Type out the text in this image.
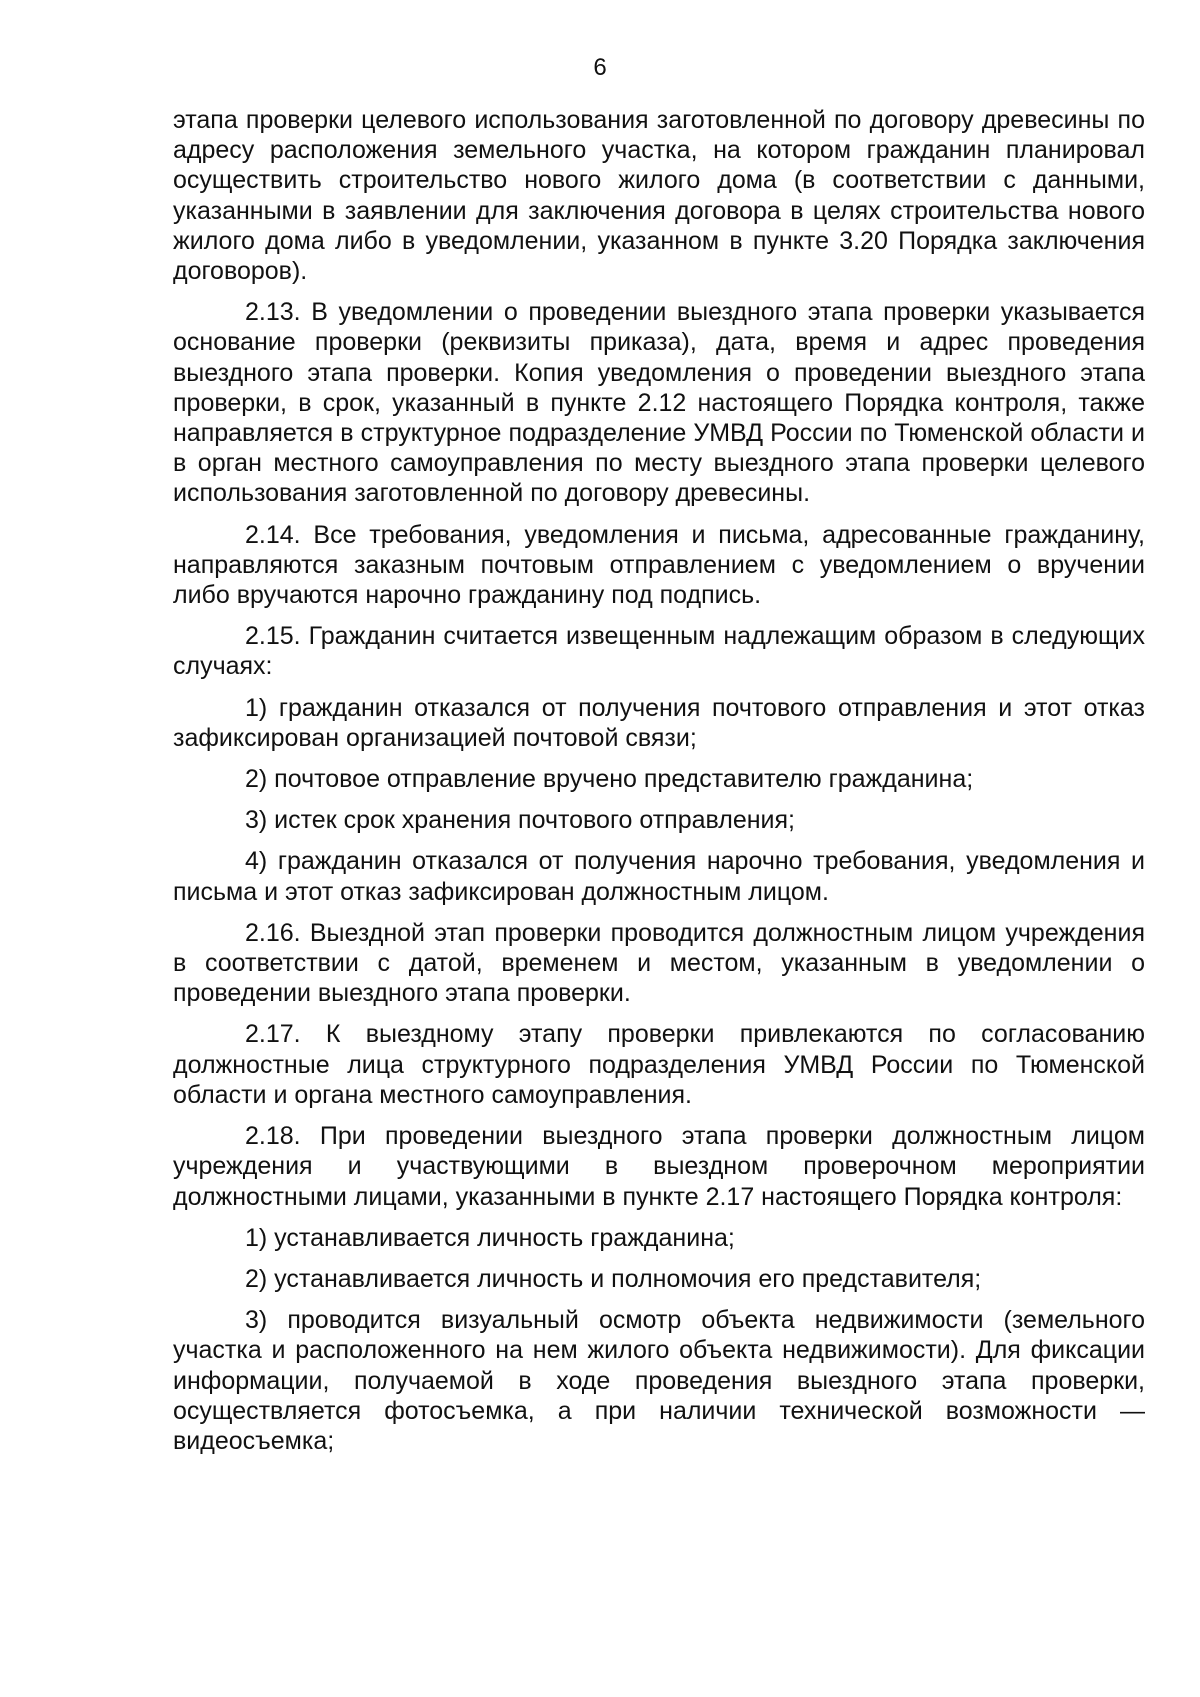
6

этапа проверки целевого использования заготовленной по договору древесины по адресу расположения земельного участка, на котором гражданин планировал осуществить строительство нового жилого дома (в соответствии с данными, указанными в заявлении для заключения договора в целях строительства нового жилого дома либо в уведомлении, указанном в пункте 3.20 Порядка заключения договоров).

2.13. В уведомлении о проведении выездного этапа проверки указывается основание проверки (реквизиты приказа), дата, время и адрес проведения выездного этапа проверки. Копия уведомления о проведении выездного этапа проверки, в срок, указанный в пункте 2.12 настоящего Порядка контроля, также направляется в структурное подразделение УМВД России по Тюменской области и в орган местного самоуправления по месту выездного этапа проверки целевого использования заготовленной по договору древесины.

2.14. Все требования, уведомления и письма, адресованные гражданину, направляются заказным почтовым отправлением с уведомлением о вручении либо вручаются нарочно гражданину под подпись.

2.15. Гражданин считается извещенным надлежащим образом в следующих случаях:

1) гражданин отказался от получения почтового отправления и этот отказ зафиксирован организацией почтовой связи;

2) почтовое отправление вручено представителю гражданина;

3) истек срок хранения почтового отправления;

4) гражданин отказался от получения нарочно требования, уведомления и письма и этот отказ зафиксирован должностным лицом.

2.16. Выездной этап проверки проводится должностным лицом учреждения в соответствии с датой, временем и местом, указанным в уведомлении о проведении выездного этапа проверки.

2.17. К выездному этапу проверки привлекаются по согласованию должностные лица структурного подразделения УМВД России по Тюменской области и органа местного самоуправления.

2.18. При проведении выездного этапа проверки должностным лицом учреждения и участвующими в выездном проверочном мероприятии должностными лицами, указанными в пункте 2.17 настоящего Порядка контроля:

1) устанавливается личность гражданина;

2) устанавливается личность и полномочия его представителя;

3) проводится визуальный осмотр объекта недвижимости (земельного участка и расположенного на нем жилого объекта недвижимости). Для фиксации информации, получаемой в ходе проведения выездного этапа проверки, осуществляется фотосъемка, а при наличии технической возможности — видеосъемка;
